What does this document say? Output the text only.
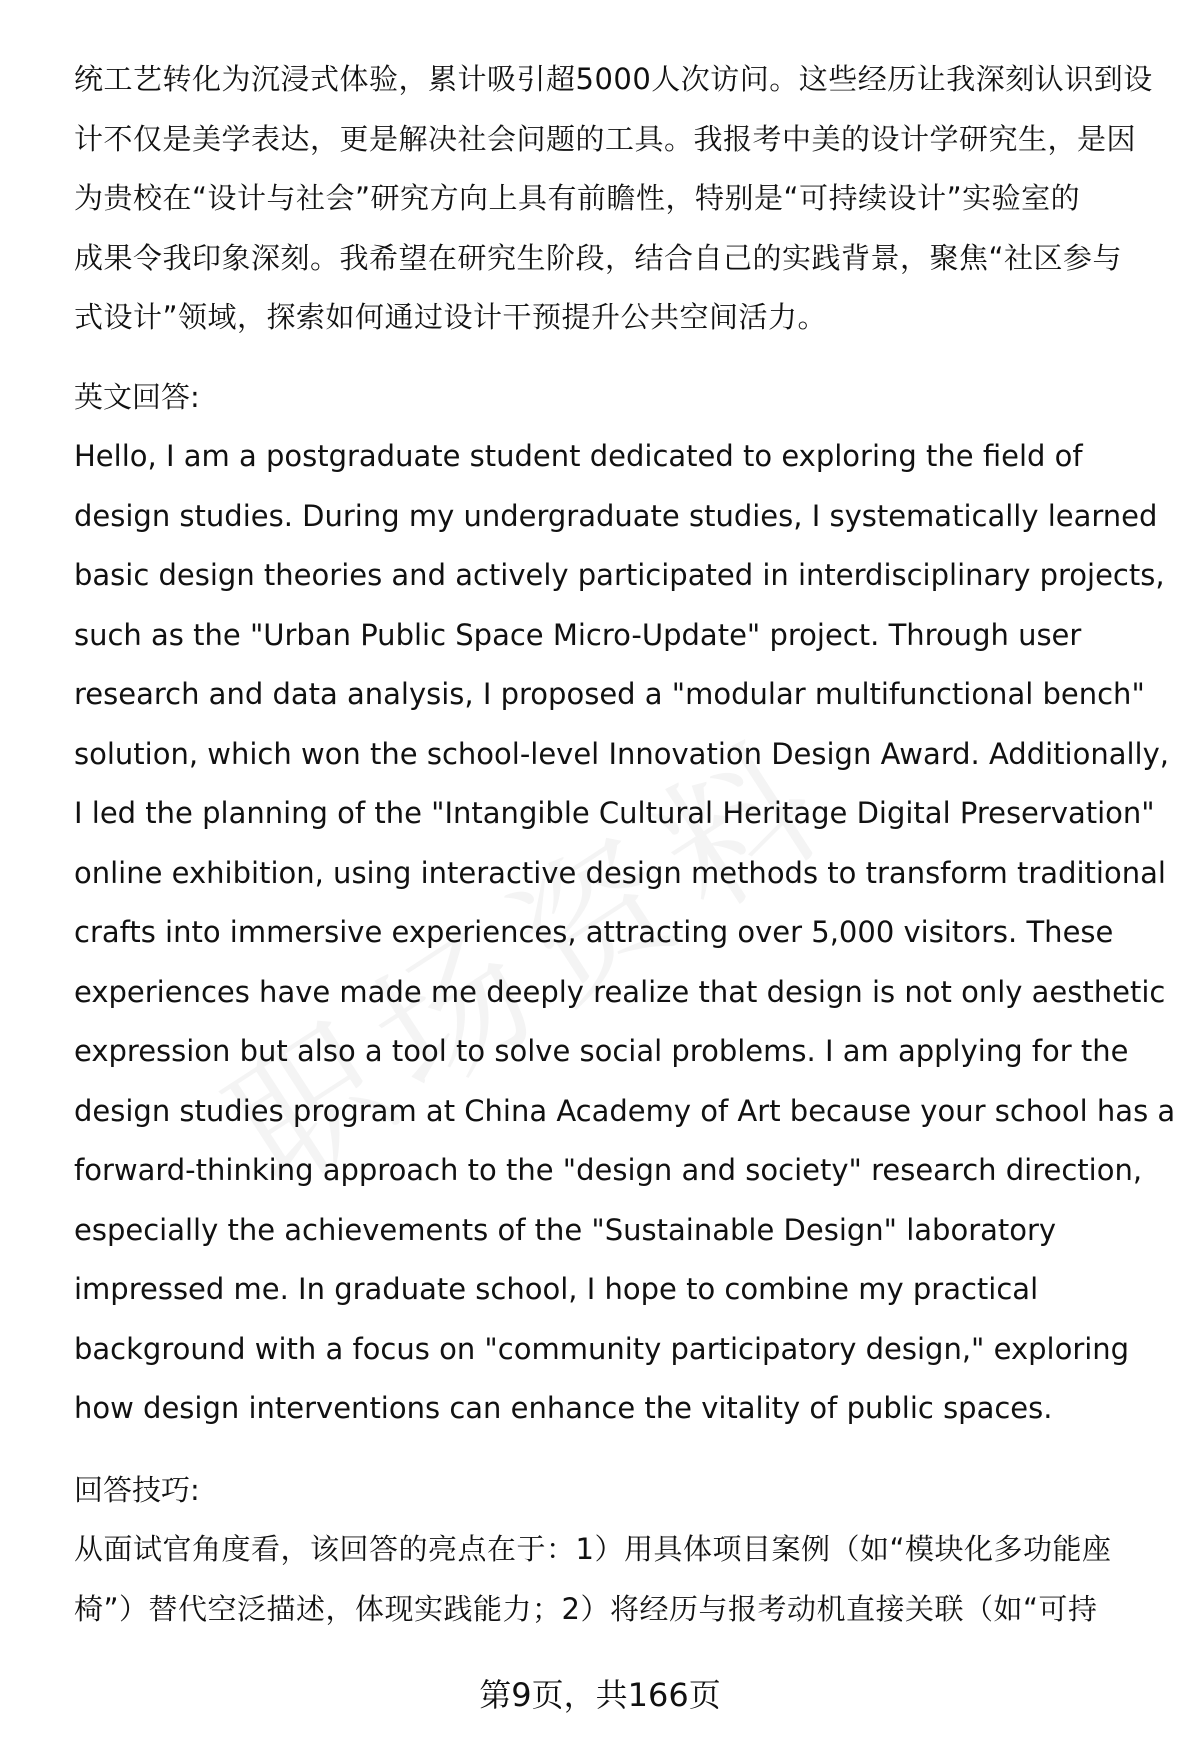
统工艺转化为沉浸式体验，累计吸引超5000人次访问。这些经历让我深刻认识到设
计不仅是美学表达，更是解决社会问题的工具。我报考中美的设计学研究生，是因
为贵校在“设计与社会”研究方向上具有前瞻性，特别是“可持续设计”实验室的
成果令我印象深刻。我希望在研究生阶段，结合自己的实践背景，聚焦“社区参与
式设计”领域，探索如何通过设计干预提升公共空间活力。

英文回答:

Hello, I am a postgraduate student dedicated to exploring the field of
design studies. During my undergraduate studies, I systematically learned
basic design theories and actively participated in interdisciplinary projects,
such as the "Urban Public Space Micro-Update" project. Through user
research and data analysis, I proposed a "modular multifunctional bench"
solution, which won the school-level Innovation Design Award. Additionally,
I led the planning of the "Intangible Cultural Heritage Digital Preservation"
online exhibition, using interactive design methods to transform traditional
crafts into immersive experiences, attracting over 5,000 visitors. These
experiences have made me deeply realize that design is not only aesthetic
expression but also a tool to solve social problems. I am applying for the
design studies program at China Academy of Art because your school has a
forward-thinking approach to the "design and society" research direction,
especially the achievements of the "Sustainable Design" laboratory
impressed me. In graduate school, I hope to combine my practical
background with a focus on "community participatory design," exploring
how design interventions can enhance the vitality of public spaces.

回答技巧:

从面试官角度看，该回答的亮点在于：1）用具体项目案例（如“模块化多功能座
椅”）替代空泛描述，体现实践能力；2）将经历与报考动机直接关联（如“可持

第9页，共166页
